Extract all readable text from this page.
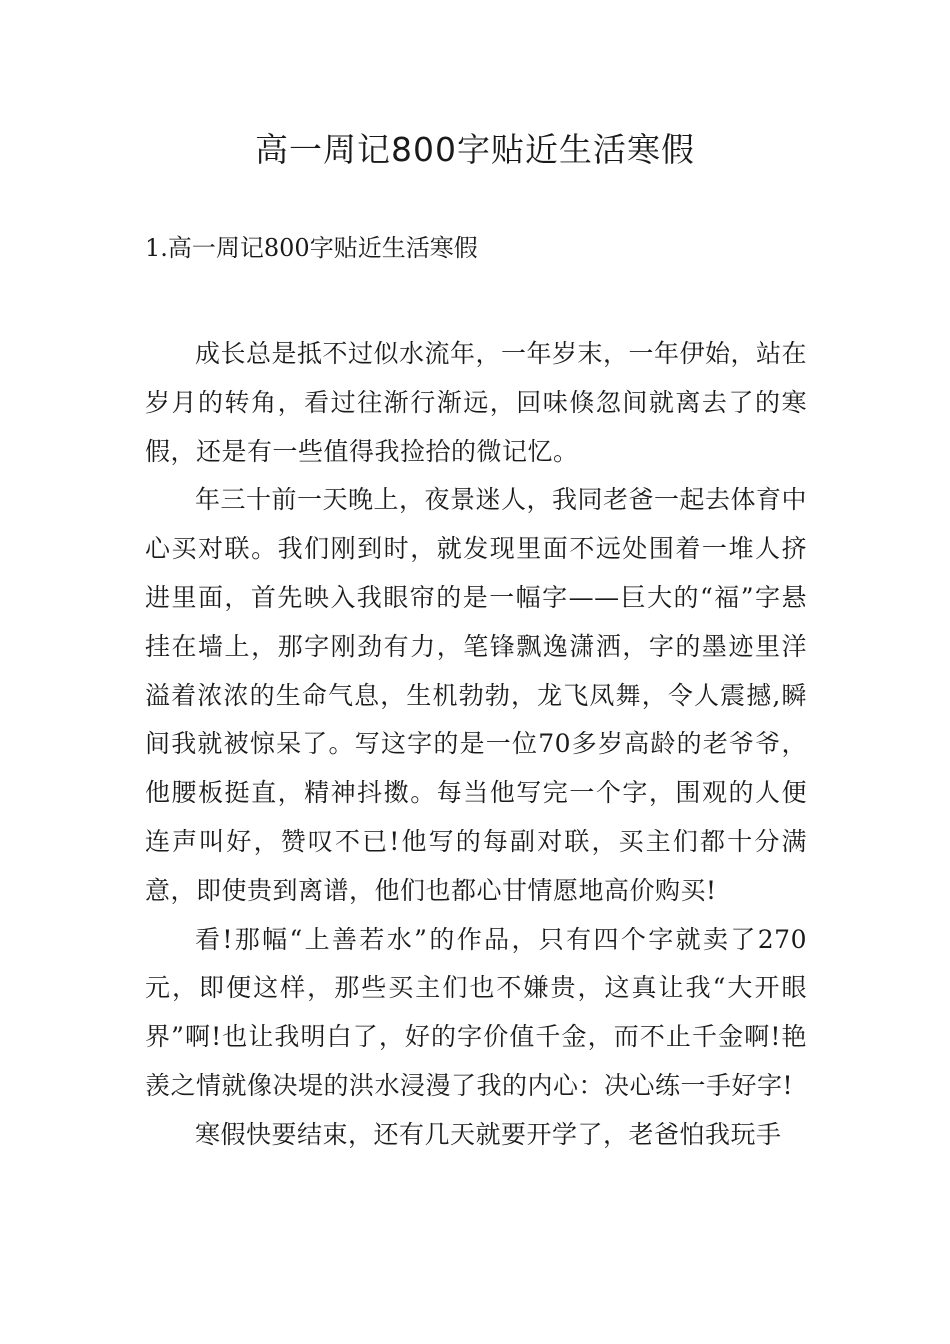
高一周记800字贴近生活寒假
1.高一周记800字贴近生活寒假

成长总是抵不过似水流年，一年岁末，一年伊始，站在岁月的转角，看过往渐行渐远，回味倏忽间就离去了的寒假，还是有一些值得我捡拾的微记忆。

年三十前一天晚上，夜景迷人，我同老爸一起去体育中心买对联。我们刚到时，就发现里面不远处围着一堆人挤进里面，首先映入我眼帘的是一幅字——巨大的“福”字悬挂在墙上，那字刚劲有力，笔锋飘逸潇洒，字的墨迹里洋溢着浓浓的生命气息，生机勃勃，龙飞凤舞，令人震撼,瞬间我就被惊呆了。写这字的是一位70多岁高龄的老爷爷，他腰板挺直，精神抖擞。每当他写完一个字，围观的人便连声叫好，赞叹不已!他写的每副对联，买主们都十分满意，即使贵到离谱，他们也都心甘情愿地高价购买!

看!那幅“上善若水”的作品，只有四个字就卖了270元，即便这样，那些买主们也不嫌贵，这真让我“大开眼界”啊!也让我明白了，好的字价值千金，而不止千金啊!艳羡之情就像决堤的洪水浸漫了我的内心：决心练一手好字!

寒假快要结束，还有几天就要开学了，老爸怕我玩手
